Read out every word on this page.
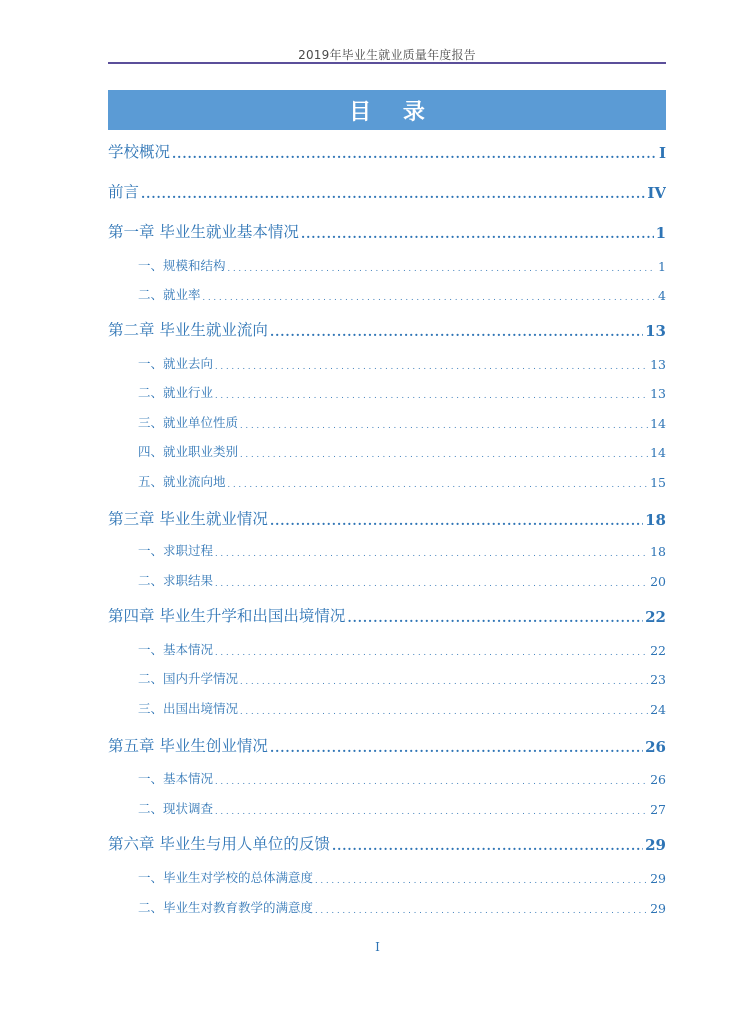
2019年毕业生就业质量年度报告
目 录
学校概况 . . .	I
前言 . . .	IV
第一章 毕业生就业基本情况 . . .	1
一、规模和结构 . . .	1
二、就业率 . . .	4
第二章 毕业生就业流向 . . .	13
一、就业去向 . . .	13
二、就业行业 . . .	13
三、就业单位性质 . . .	14
四、就业职业类别 . . .	14
五、就业流向地 . . .	15
第三章 毕业生就业情况 . . .	18
一、求职过程 . . .	18
二、求职结果 . . .	20
第四章 毕业生升学和出国出境情况 . . .	22
一、基本情况 . . .	22
二、国内升学情况 . . .	23
三、出国出境情况 . . .	24
第五章 毕业生创业情况 . . .	26
一、基本情况 . . .	26
二、现状调查 . . .	27
第六章 毕业生与用人单位的反馈 . . .	29
一、毕业生对学校的总体满意度 . . .	29
二、毕业生对教育教学的满意度 . . .	29
I
